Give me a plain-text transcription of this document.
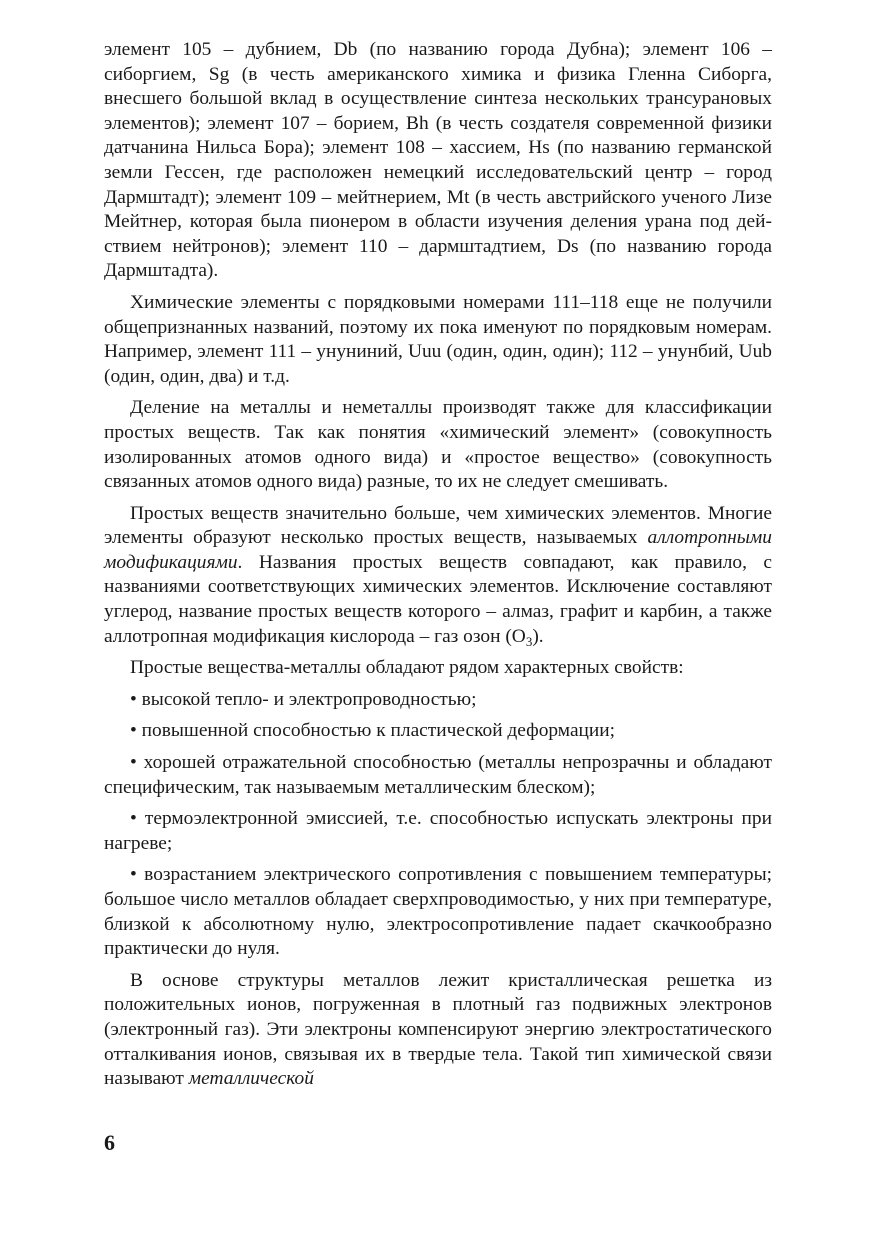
элемент 105 – дубнием, Db (по названию города Дубна); элемент 106 – сиборгием, Sg (в честь американского химика и физика Гленна Сиборга, внесшего большой вклад в осуществление синтеза нескольких трансурановых элементов); элемент 107 – борием, Bh (в честь создателя современной физики датчанина Нильса Бора); элемент 108 – хассием, Hs (по названию германской земли Гессен, где расположен немецкий исследовательский центр – город Дармштадт); элемент 109 – мейтнерием, Mt (в честь австрийского ученого Лизе Мейтнер, которая была пионером в области изучения деления урана под действием нейтронов); элемент 110 – дармштадтием, Ds (по названию города Дармштадта).

Химические элементы с порядковыми номерами 111–118 еще не получили общепризнанных названий, поэтому их пока именуют по порядковым номерам. Например, элемент 111 – унуниний, Uuu (один, один, один); 112 – унунбий, Uub (один, один, два) и т.д.

Деление на металлы и неметаллы производят также для классификации простых веществ. Так как понятия «химический элемент» (совокупность изолированных атомов одного вида) и «простое вещество» (совокупность связанных атомов одного вида) разные, то их не следует смешивать.

Простых веществ значительно больше, чем химических элементов. Многие элементы образуют несколько простых веществ, называемых аллотропными модификациями. Названия простых веществ совпадают, как правило, с названиями соответствующих химических элементов. Исключение составляют углерод, название простых веществ которого – алмаз, графит и карбин, а также аллотропная модификация кислорода – газ озон $(O_3)$.

Простые вещества-металлы обладают рядом характерных свойств:

• высокой тепло- и электропроводностью;

• повышенной способностью к пластической деформации;

• хорошей отражательной способностью (металлы непрозрачны и обладают специфическим, так называемым металлическим блеском);

• термоэлектронной эмиссией, т.е. способностью испускать электроны при нагреве;

• возрастанием электрического сопротивления с повышением температуры; большое число металлов обладает сверхпроводимостью, у них при температуре, близкой к абсолютному нулю, электросопротивление падает скачкообразно практически до нуля.

В основе структуры металлов лежит кристаллическая решетка из положительных ионов, погруженная в плотный газ подвижных электронов (электронный газ). Эти электроны компенсируют энергию электростатического отталкивания ионов, связывая их в твердые тела. Такой тип химической связи называют металлической

6
